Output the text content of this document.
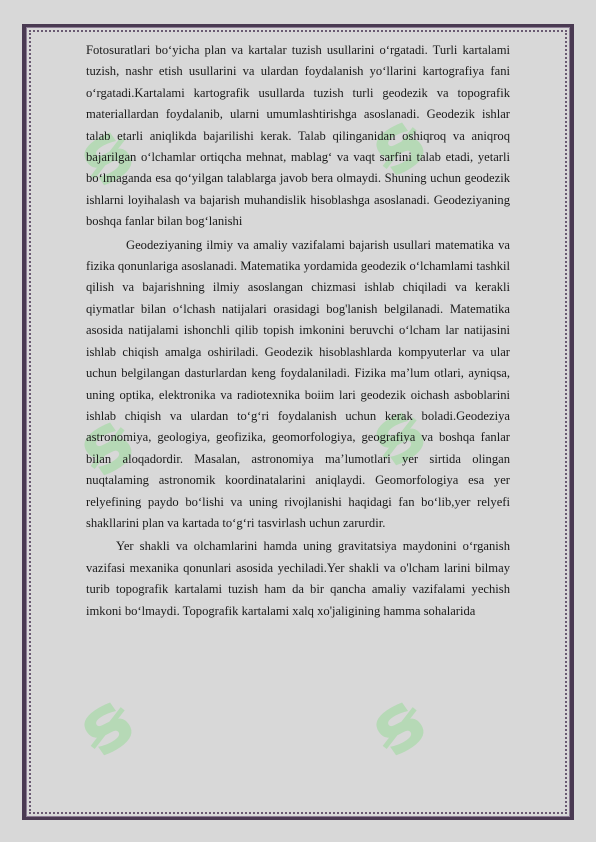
ꞩ	ꞩ
ꞩ	ꞩ
ꞩ	ꞩ

Fotosuratlari bo‘yicha plan va kartalar tuzish usullarini o‘rgatadi. Turli kartalami tuzish, nashr etish usullarini va ulardan foydalanish yo‘llarini kartografiya fani o‘rgatadi.Kartalami kartografik usullarda tuzish turli geodezik va topografik materiallardan foydalanib, ularni umumlashtirishga asoslanadi. Geodezik ishlar talab etarli aniqlikda bajarilishi kerak. Talab qilinganidan oshiqroq va aniqroq bajarilgan o‘lchamlar ortiqcha mehnat, mablag‘ va vaqt sarfini talab etadi, yetarli bo‘lmaganda esa qo‘yilgan talablarga javob bera olmaydi. Shuning uchun geodezik ishlarni loyihalash va bajarish muhandislik hisoblashga asoslanadi. Geodeziyaning boshqa fanlar bilan bog‘lanishi

Geodeziyaning ilmiy va amaliy vazifalami bajarish usullari matematika va fizika qonunlariga asoslanadi. Matematika yordamida geodezik o‘lchamlami tashkil qilish va bajarishning ilmiy asoslangan chizmasi ishlab chiqiladi va kerakli qiymatlar bilan o‘lchash natijalari orasidagi bog'lanish belgilanadi. Matematika asosida natijalami ishonchli qilib topish imkonini beruvchi o‘lcham lar natijasini ishlab chiqish amalga oshiriladi. Geodezik hisoblashlarda kompyuterlar va ular uchun belgilangan dasturlardan keng foydalaniladi. Fizika ma’lum otlari, ayniqsa, uning optika, elektronika va radiotexnika boiim lari geodezik oichash asboblarini ishlab chiqish va ulardan to‘g‘ri foydalanish uchun kerak boladi.Geodeziya astronomiya, geologiya, geofizika, geomorfologiya, geografiya va boshqa fanlar bilan aloqadordir. Masalan, astronomiya ma’lumotlari yer sirtida olingan nuqtalaming astronomik koordinatalarini aniqlaydi. Geomorfologiya esa yer relyefining paydo bo‘lishi va uning rivojlanishi haqidagi fan bo‘lib,yer relyefi shakllarini plan va kartada to‘g‘ri tasvirlash uchun zarurdir.

Yer shakli va olchamlarini hamda uning gravitatsiya maydonini o‘rganish vazifasi mexanika qonunlari asosida yechiladi.Yer shakli va o'lcham larini bilmay turib topografik kartalami tuzish ham da bir qancha amaliy vazifalami yechish imkoni bo‘lmaydi. Topografik kartalami xalq xo'jaligining hamma sohalarida
